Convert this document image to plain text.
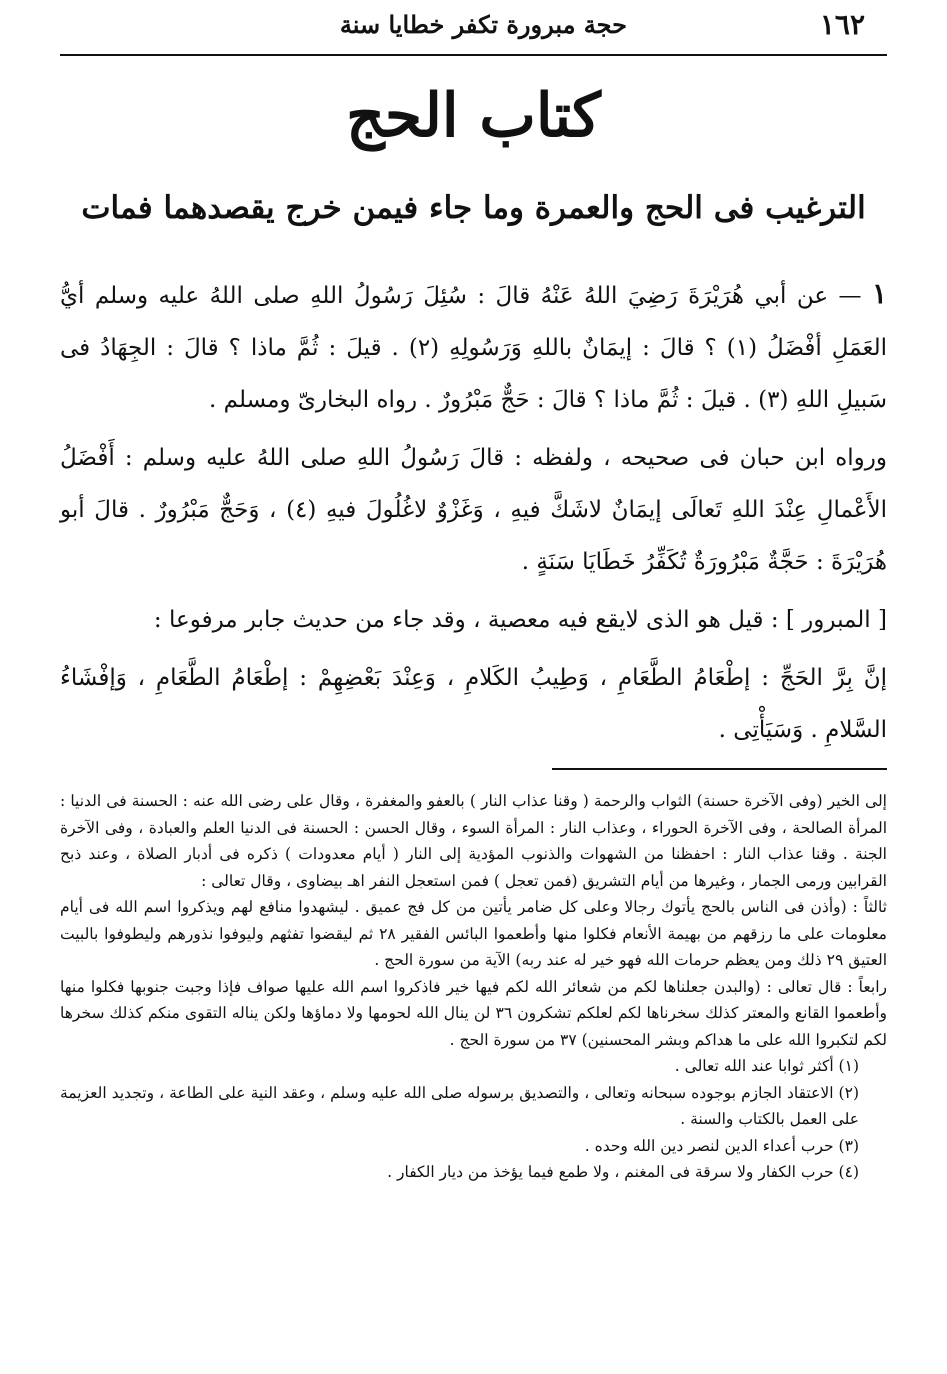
١٦٢
حجة مبرورة تكفر خطايا سنة
كتاب الحج
الترغيب فى الحج والعمرة وما جاء فيمن خرج يقصدهما فمات

١ — عن أبي هُرَيْرَةَ رَضِيَ اللهُ عَنْهُ قالَ : سُئِلَ رَسُولُ اللهِ صلى اللهُ عليه وسلم أيُّ العَمَلِ أفْضَلُ (١) ؟ قالَ : إيمَانٌ باللهِ وَرَسُولِهِ (٢) . قيلَ : ثُمَّ ماذا ؟ قالَ : الجِهَادُ فى سَبيلِ اللهِ (٣) . قيلَ : ثُمَّ ماذا ؟ قالَ : حَجٌّ مَبْرُورٌ . رواه البخارىّ ومسلم .

ورواه ابن حبان فى صحيحه ، ولفظه : قالَ رَسُولُ اللهِ صلى اللهُ عليه وسلم : أَفْضَلُ الأَعْمالِ عِنْدَ اللهِ تَعالَى إيمَانٌ لاشَكَّ فيهِ ، وَغَزْوٌ لاغُلُولَ فيهِ (٤) ، وَحَجٌّ مَبْرُورٌ . قالَ أبو هُرَيْرَةَ : حَجَّةٌ مَبْرُورَةٌ تُكَفِّرُ خَطَايَا سَنَةٍ .

[ المبرور ] : قيل هو الذى لايقع فيه معصية ، وقد جاء من حديث جابر مرفوعا :

إنَّ بِرَّ الحَجِّ : إطْعَامُ الطَّعَامِ ، وَطِيبُ الكَلامِ ، وَعِنْدَ بَعْضِهِمْ : إطْعَامُ الطَّعَامِ ، وَإفْشَاءُ السَّلامِ . وَسَيَأْتِى .

إلى الخير (وفى الآخرة حسنة) الثواب والرحمة ( وقنا عذاب النار ) بالعفو والمغفرة ، وقال على رضى الله عنه : الحسنة فى الدنيا : المرأة الصالحة ، وفى الآخرة الحوراء ، وعذاب النار : المرأة السوء ، وقال الحسن : الحسنة فى الدنيا العلم والعبادة ، وفى الآخرة الجنة . وقنا عذاب النار : احفظنا من الشهوات والذنوب المؤدية إلى النار ( أيام معدودات ) ذكره فى أدبار الصلاة ، وعند ذبح القرابين ورمى الجمار ، وغيرها من أيام التشريق (فمن تعجل ) فمن استعجل النفر اهـ بيضاوى ، وقال تعالى :

ثالثاً : (وأذن فى الناس بالحج يأتوك رجالا وعلى كل ضامر يأتين من كل فج عميق . ليشهدوا منافع لهم ويذكروا اسم الله فى أيام معلومات على ما رزقهم من بهيمة الأنعام فكلوا منها وأطعموا البائس الفقير ٢٨ ثم ليقضوا تفثهم وليوفوا نذورهم وليطوفوا بالبيت العتيق ٢٩ ذلك ومن يعظم حرمات الله فهو خير له عند ربه) الآية من سورة الحج .

رابعاً : قال تعالى : (والبدن جعلناها لكم من شعائر الله لكم فيها خير فاذكروا اسم الله عليها صواف فإذا وجبت جنوبها فكلوا منها وأطعموا القانع والمعتر كذلك سخرناها لكم لعلكم تشكرون ٣٦ لن ينال الله لحومها ولا دماؤها ولكن يناله التقوى منكم كذلك سخرها لكم لتكبروا الله على ما هداكم وبشر المحسنين) ٣٧ من سورة الحج .

(١) أكثر ثوابا عند الله تعالى .

(٢) الاعتقاد الجازم بوجوده سبحانه وتعالى ، والتصديق برسوله صلى الله عليه وسلم ، وعقد النية على الطاعة ، وتجديد العزيمة على العمل بالكتاب والسنة .

(٣) حرب أعداء الدين لنصر دين الله وحده .

(٤) حرب الكفار ولا سرقة فى المغنم ، ولا طمع فيما يؤخذ من ديار الكفار .
